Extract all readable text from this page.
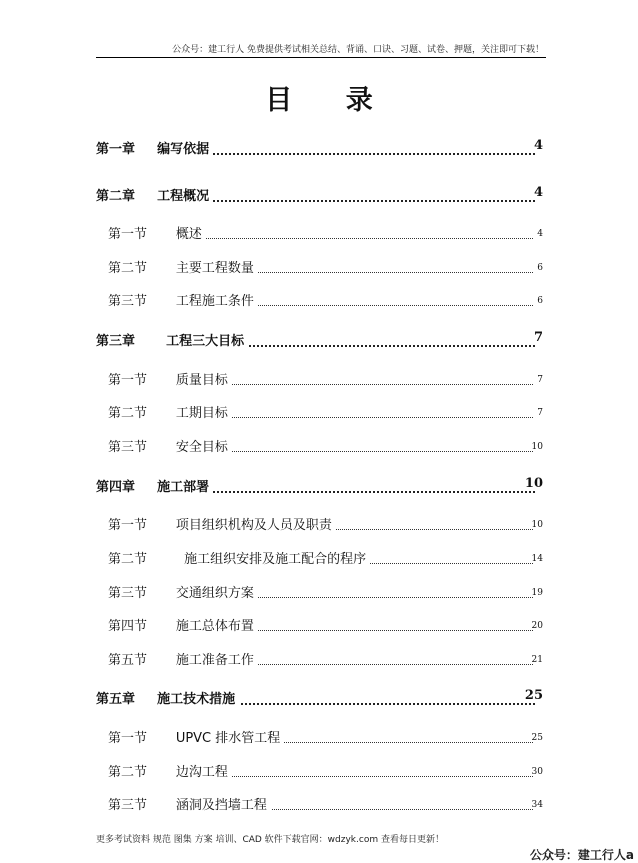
公众号：建工行人 免费提供考试相关总结、背诵、口诀、习题、试卷、押题，关注即可下载！
目 录
第一章 编写依据	4
第二章 工程概况	4
第一节 概述	4
第二节 主要工程数量	6
第三节 工程施工条件	6
第三章 工程三大目标	7
第一节 质量目标	7
第二节 工期目标	7
第三节 安全目标	10
第四章 施工部署	10
第一节 项目组织机构及人员及职责	10
第二节	施工组织安排及施工配合的程序	14
第三节 交通组织方案	19
第四节 施工总体布置	20
第五节 施工准备工作	21
第五章 施工技术措施	25
第一节 UPVC 排水管工程	25
第二节 边沟工程	30
第三节 涵洞及挡墙工程	34
更多考试资料 规范 图集 方案 培训、CAD 软件下载官网：wdzyk.com 查看每日更新！
公众号：建工行人a
